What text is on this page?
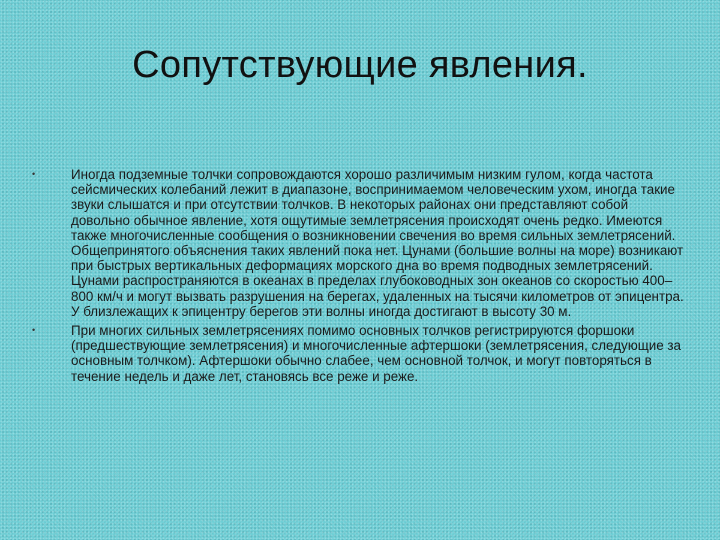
Сопутствующие явления.
•	Иногда подземные толчки сопровождаются хорошо различимым низким гулом, когда частота сейсмических колебаний лежит в диапазоне, воспринимаемом человеческим ухом, иногда такие звуки слышатся и при отсутствии толчков. В некоторых районах они представляют собой довольно обычное явление, хотя ощутимые землетрясения происходят очень редко. Имеются также многочисленные сообщения о возникновении свечения во время сильных землетрясений. Общепринятого объяснения таких явлений пока нет. Цунами (большие волны на море) возникают при быстрых вертикальных деформациях морского дна во время подводных землетрясений. Цунами распространяются в океанах в пределах глубоководных зон океанов со скоростью 400–800 км/ч и могут вызвать разрушения на берегах, удаленных на тысячи километров от эпицентра. У близлежащих к эпицентру берегов эти волны иногда достигают в высоту 30 м.
•	При многих сильных землетрясениях помимо основных толчков регистрируются форшоки (предшествующие землетрясения) и многочисленные афтершоки (землетрясения, следующие за основным толчком). Афтершоки обычно слабее, чем основной толчок, и могут повторяться в течение недель и даже лет, становясь все реже и реже.
